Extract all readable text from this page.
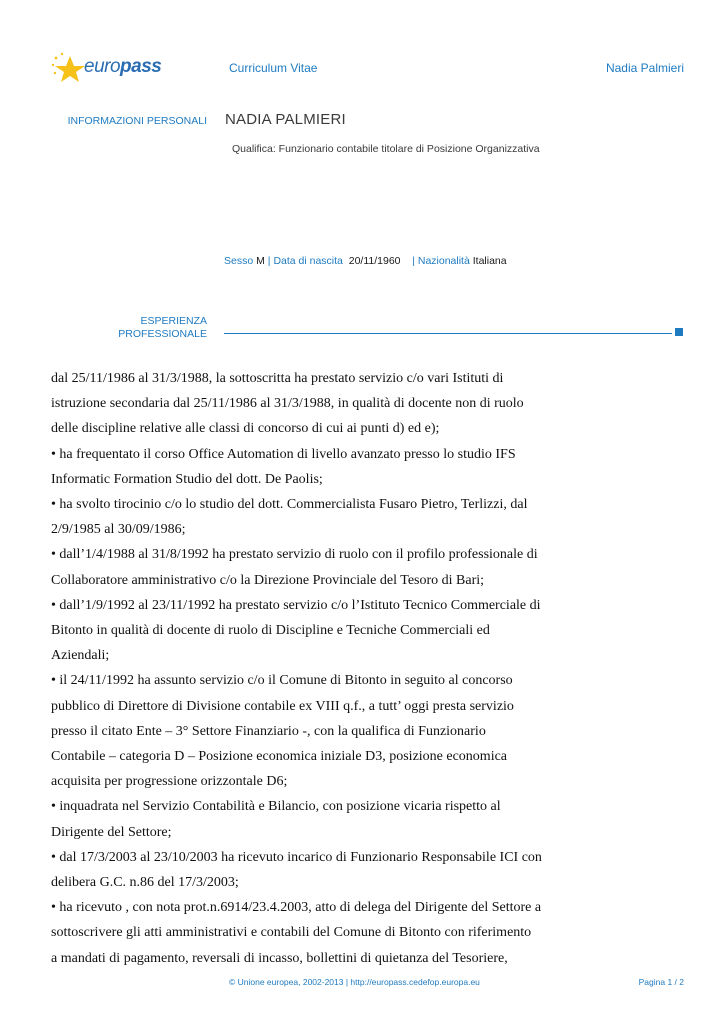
europass	Curriculum Vitae	Nadia Palmieri
INFORMAZIONI PERSONALI NADIA PALMIERI
Qualifica: Funzionario contabile titolare di Posizione Organizzativa
Sesso M | Data di nascita 20/11/1960 | Nazionalità Italiana
ESPERIENZA
PROFESSIONALE
dal 25/11/1986 al 31/3/1988, la sottoscritta ha prestato servizio c/o vari Istituti di
istruzione secondaria dal 25/11/1986 al 31/3/1988, in qualità di docente non di ruolo
delle discipline relative alle classi di concorso di cui ai punti d) ed e);
• ha frequentato il corso Office Automation di livello avanzato presso lo studio IFS
Informatic Formation Studio del dott. De Paolis;
• ha svolto tirocinio c/o lo studio del dott. Commercialista Fusaro Pietro, Terlizzi, dal
2/9/1985 al 30/09/1986;
• dall’1/4/1988 al 31/8/1992 ha prestato servizio di ruolo con il profilo professionale di
Collaboratore amministrativo c/o la Direzione Provinciale del Tesoro di Bari;
• dall’1/9/1992 al 23/11/1992 ha prestato servizio c/o l’Istituto Tecnico Commerciale di
Bitonto in qualità di docente di ruolo di Discipline e Tecniche Commerciali ed
Aziendali;
• il 24/11/1992 ha assunto servizio c/o il Comune di Bitonto in seguito al concorso
pubblico di Direttore di Divisione contabile ex VIII q.f., a tutt’ oggi presta servizio
presso il citato Ente – 3° Settore Finanziario -, con la qualifica di Funzionario
Contabile – categoria D – Posizione economica iniziale D3, posizione economica
acquisita per progressione orizzontale D6;
• inquadrata nel Servizio Contabilità e Bilancio, con posizione vicaria rispetto al
Dirigente del Settore;
• dal 17/3/2003 al 23/10/2003 ha ricevuto incarico di Funzionario Responsabile ICI con
delibera G.C. n.86 del 17/3/2003;
• ha ricevuto , con nota prot.n.6914/23.4.2003, atto di delega del Dirigente del Settore a
sottoscrivere gli atti amministrativi e contabili del Comune di Bitonto con riferimento
a mandati di pagamento, reversali di incasso, bollettini di quietanza del Tesoriere,
© Unione europea, 2002-2013 | http://europass.cedefop.europa.eu	Pagina 1 / 2
